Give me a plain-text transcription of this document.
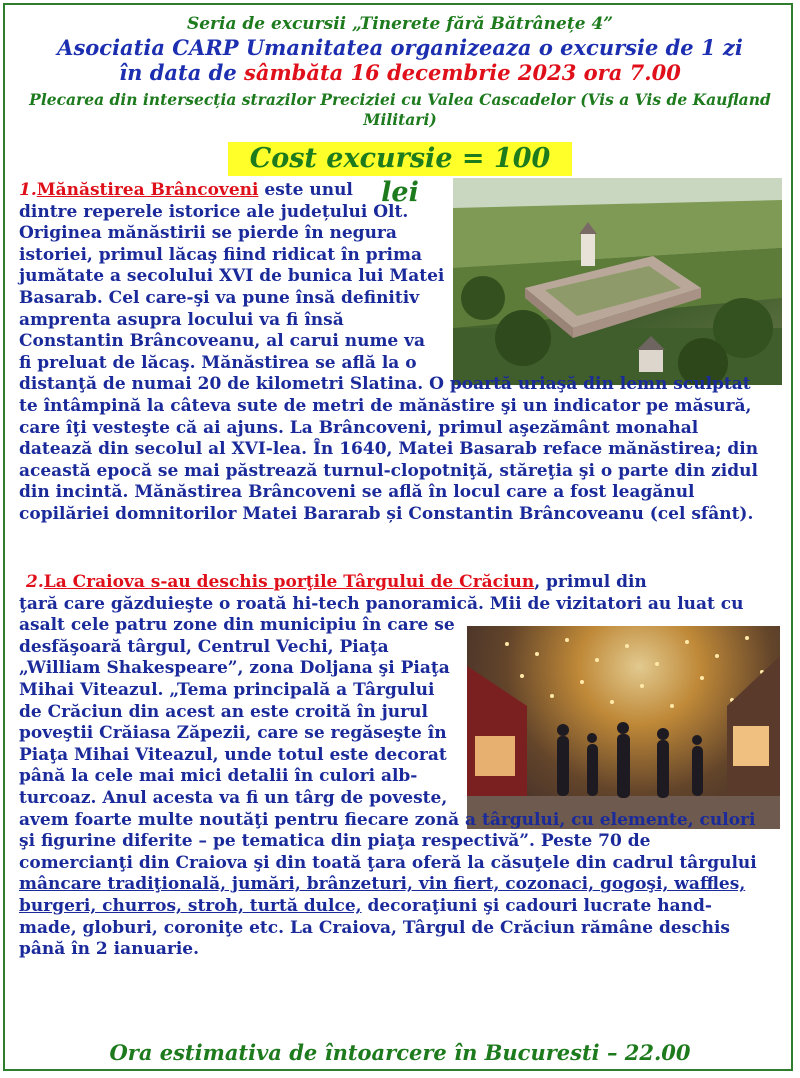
Seria de excursii „Tinerete fără Bătrânețe 4”
Asociatia CARP Umanitatea organizeaza o excursie de 1 zi
în data de sâmbăta 16 decembrie 2023 ora 7.00
Plecarea din intersecția strazilor Preciziei cu Valea Cascadelor (Vis a Vis de Kaufland Militari)
Cost excursie = 100 lei
1.Mănăstirea Brâncoveni este unul
dintre reperele istorice ale județului Olt.
Originea mănăstirii se pierde în negura
istoriei, primul lăcaş fiind ridicat în prima
jumătate a secolului XVI de bunica lui Matei
Basarab. Cel care-şi va pune însă definitiv
amprenta asupra locului va fi însă
Constantin Brâncoveanu, al carui nume va
fi preluat de lăcaş. Mănăstirea se află la o
distanţă de numai 20 de kilometri Slatina. O poartă uriaşă din lemn sculptat
te întâmpină la câteva sute de metri de mănăstire şi un indicator pe măsură,
care îţi vesteşte că ai ajuns. La Brâncoveni, primul aşezământ monahal
datează din secolul al XVI-lea. În 1640, Matei Basarab reface mănăstirea; din
această epocă se mai păstrează turnul-clopotniţă, stăreţia şi o parte din zidul
din incintă. Mănăstirea Brâncoveni se află în locul care a fost leagănul
copilăriei domnitorilor Matei Bararab și Constantin Brâncoveanu (cel sfânt).
2.La Craiova s-au deschis porţile Târgului de Crăciun, primul din
ţară care găzduieşte o roată hi-tech panoramică. Mii de vizitatori au luat cu
asalt cele patru zone din municipiu în care se
desfăşoară târgul, Centrul Vechi, Piaţa
„William Shakespeare”, zona Doljana şi Piaţa
Mihai Viteazul. „Tema principală a Târgului
de Crăciun din acest an este croită în jurul
poveştii Crăiasa Zăpezii, care se regăseşte în
Piaţa Mihai Viteazul, unde totul este decorat
până la cele mai mici detalii în culori alb-
turcoaz. Anul acesta va fi un târg de poveste,
avem foarte multe noutăţi pentru fiecare zonă a târgului, cu elemente, culori
şi figurine diferite – pe tematica din piaţa respectivă”. Peste 70 de
comercianţi din Craiova şi din toată ţara oferă la căsuţele din cadrul târgului
mâncare tradiţională, jumări, brânzeturi, vin fiert, cozonaci, gogoşi, waffles,
burgeri, churros, stroh, turtă dulce, decoraţiuni şi cadouri lucrate hand-
made, globuri, coroniţe etc. La Craiova, Târgul de Crăciun rămâne deschis
până în 2 ianuarie.
Ora estimativa de întoarcere în Bucuresti – 22.00
